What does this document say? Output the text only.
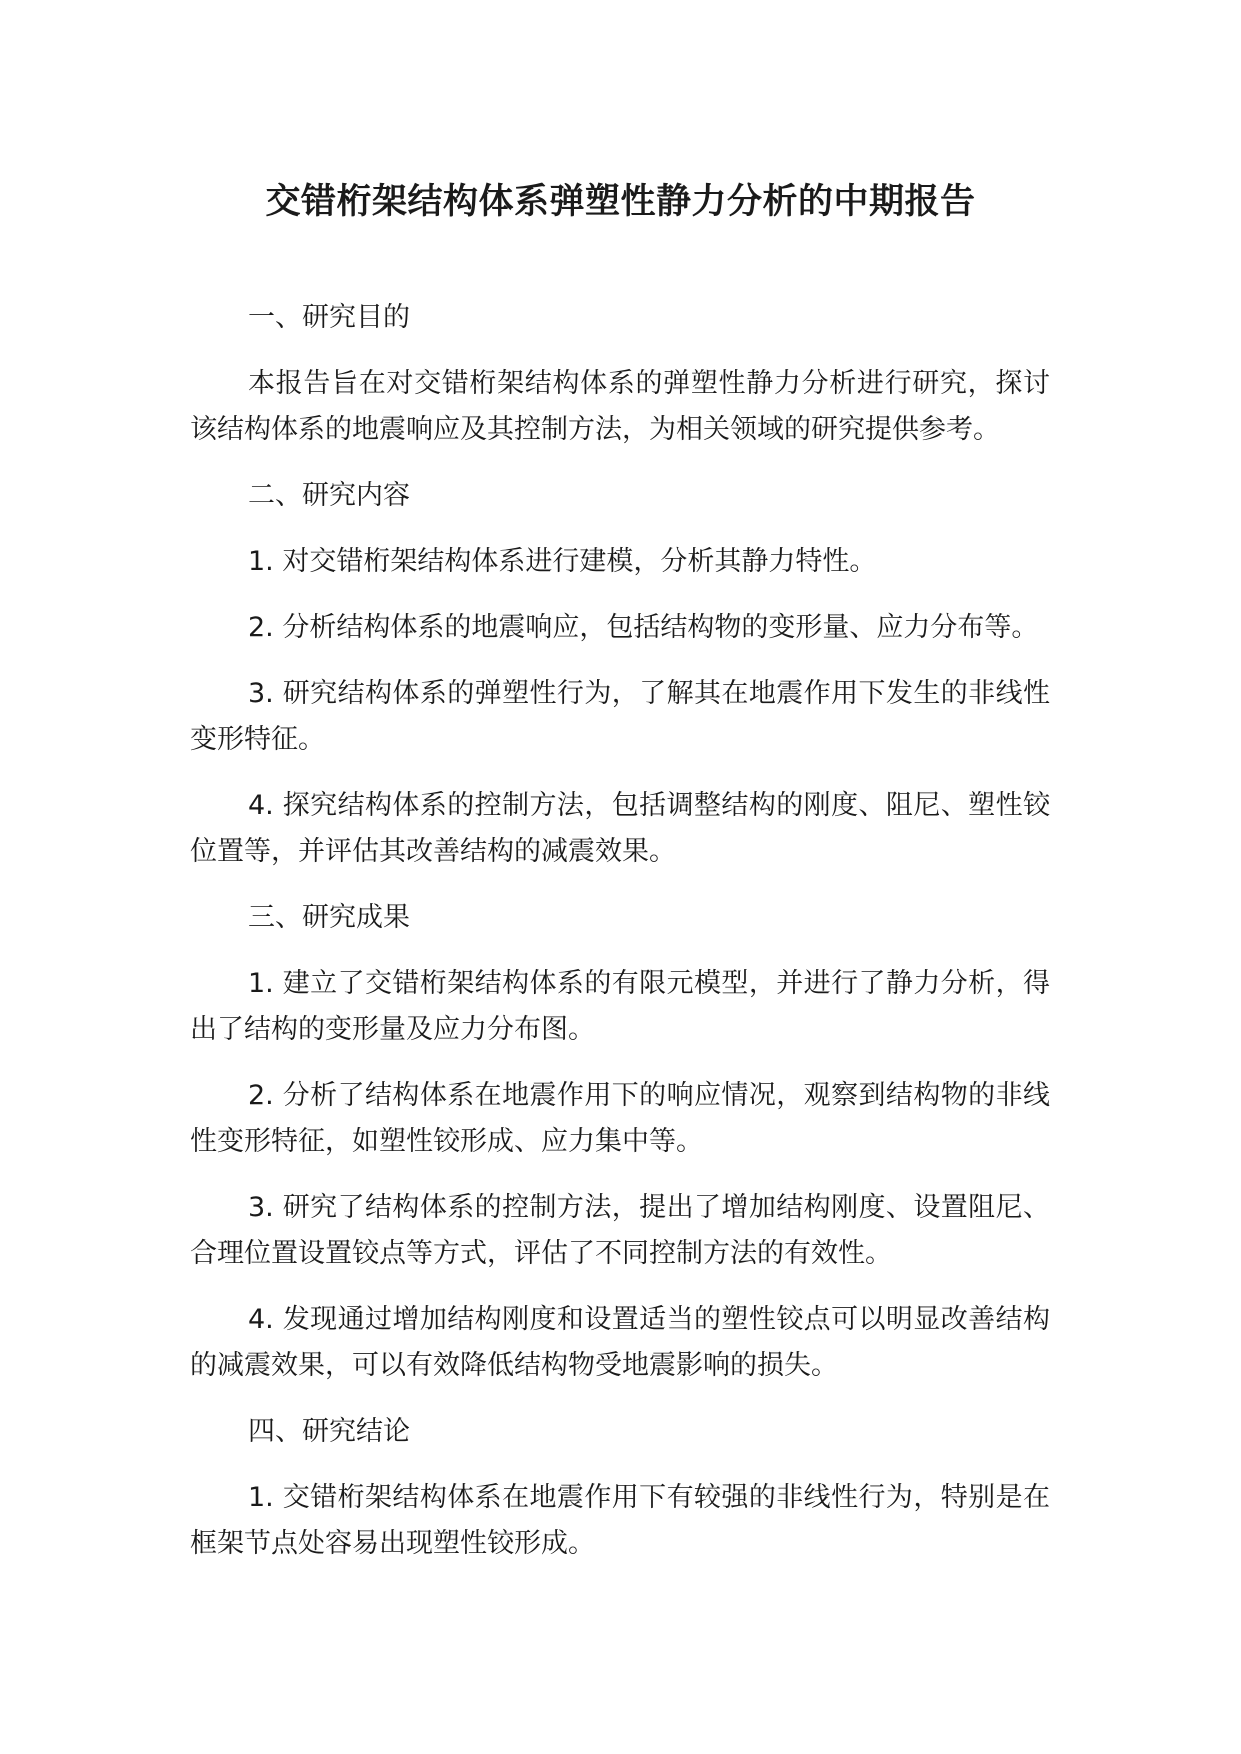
交错桁架结构体系弹塑性静力分析的中期报告
一、研究目的

本报告旨在对交错桁架结构体系的弹塑性静力分析进行研究，探讨该结构体系的地震响应及其控制方法，为相关领域的研究提供参考。

二、研究内容

1. 对交错桁架结构体系进行建模，分析其静力特性。

2. 分析结构体系的地震响应，包括结构物的变形量、应力分布等。

3. 研究结构体系的弹塑性行为，了解其在地震作用下发生的非线性变形特征。

4. 探究结构体系的控制方法，包括调整结构的刚度、阻尼、塑性铰位置等，并评估其改善结构的减震效果。

三、研究成果

1. 建立了交错桁架结构体系的有限元模型，并进行了静力分析，得出了结构的变形量及应力分布图。

2. 分析了结构体系在地震作用下的响应情况，观察到结构物的非线性变形特征，如塑性铰形成、应力集中等。

3. 研究了结构体系的控制方法，提出了增加结构刚度、设置阻尼、合理位置设置铰点等方式，评估了不同控制方法的有效性。

4. 发现通过增加结构刚度和设置适当的塑性铰点可以明显改善结构的减震效果，可以有效降低结构物受地震影响的损失。

四、研究结论

1. 交错桁架结构体系在地震作用下有较强的非线性行为，特别是在框架节点处容易出现塑性铰形成。
